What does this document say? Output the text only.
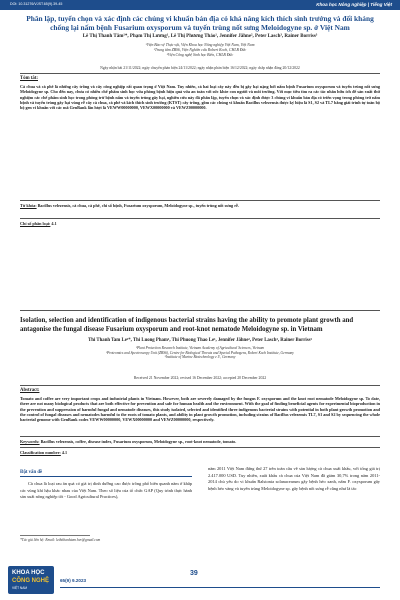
DOI: 10.31276/VJST.65(9).39-45	Khoa học Nông nghiệp | Tiếng Việt
Phân lập, tuyển chọn và xác định các chủng vi khuẩn bản địa có khả năng kích thích sinh trưởng và đối kháng chống lại nấm bệnh Fusarium oxysporum và tuyến trùng nốt sưng Meloidogyne sp. ở Việt Nam
Lê Thị Thanh Tâm¹*, Phạm Thị Lương¹, Lê Thị Phương Thảo¹, Jennifer Jähne², Peter Lasch³, Rainer Borriss³
¹Viện Bảo vệ Thực vật, Viện Khoa học Nông nghiệp Việt Nam, Việt Nam
²Trung tâm ZBS6, Viện Nghiên cứu Robert Koch, CHLB Đức
³Viện Công nghệ Sinh học Biển, CHLB Đức
Ngày nhận bài 21/11/2022; ngày chuyển phản biện 24/11/2022; ngày nhận phản biện 16/12/2022; ngày chấp nhận đăng 20/12/2022
Tóm tắt:
Cà chua và cà phê là những cây trồng và cây công nghiệp rất quan trọng ở Việt Nam. Tuy nhiên, cả hai loại cây này đều bị gây hại nặng bởi nấm bệnh Fusarium oxysporum và tuyến trùng nốt sưng Meloidogyne sp. Cho đến nay, chưa có nhiều chế phẩm sinh học vừa phòng bệnh hiệu quả vừa an toàn với sức khỏe con người và môi trường. Với mục tiêu tìm ra các tác nhân hữu ích để sản xuất thử nghiệm các chế phẩm sinh học trong phòng trừ bệnh nấm và tuyến trùng gây hại, nghiên cứu này đã phân lập, tuyển chọn và xác định được 3 chủng vi khuẩn bản địa có triển vọng trong phòng trừ nấm bệnh và tuyến trùng gây hại vùng rễ cây cà chua, cà phê và kích thích sinh trưởng (KTST) cây trồng, gồm các chủng vi khuẩn Bacillus velezensis được ký hiệu là S1, S2 và TL7 bằng giải trình tự toàn bộ bộ gen vi khuẩn với các mã GenBank lần lượt là VEWW00000000, VEWX00000000 và VEWZ00000000.
Từ khóa: Bacillus velezensis, cà chua, cà phê, chi số bệnh, Fusarium oxysporum, Meloidogyne sp., tuyến trùng nốt sưng rễ.
Chỉ số phân loại: 4.1
Isolation, selection and identification of indigenous bacterial strains having the ability to promote plant growth and antagonise the fungal disease Fusarium oxysporum and root-knot nematode Meloidogyne sp. in Vietnam
Thi Thanh Tam Le¹*, Thi Luong Pham¹, Thi Phuong Thao Le¹, Jennifer Jähne², Peter Lasch³, Rainer Borriss³
¹Plant Protection Research Institute, Vietnam Academy of Agricultural Sciences, Vietnam
²Proteomics and Spectroscopy Unit (ZBS6), Centre for Biological Threats and Special Pathogens, Robert Koch Institute, Germany
³Institute of Marine Biotechnology e.V., Germany
Received 21 November 2022; revised 16 December 2022; accepted 20 December 2022
Abstract:
Tomato and coffee are very important crops and industrial plants in Vietnam. However, both are severely damaged by the fungus F. oxysporum and the knot root nematode Meloidogyne sp. To date, there are not many biological products that are both effective for prevention and safe for human health and the environment. With the goal of finding beneficial agents for experimental bioproduction in the prevention and suppression of harmful fungal and nematode diseases, this study isolated, selected and identified three indigenous bacterial strains with potential in both plant growth promotion and the control of fungal diseases and nematodes harmful to the roots of tomato plants, and ability in plant growth promotion, including strains of Bacillus velezensis TL7, S1 and S2 by sequencing the whole bacterial genome with GenBank codes VEWW00000000, VEWX00000000 and VEWZ00000000, respectively.
Keywords: Bacillus velezensis, coffee, disease index, Fusarium oxysporum, Meloidogyne sp., root-knot nematode, tomato.
Classification number: 4.1
Đặt vấn đề
Cà chua là loại rau ăn quả có giá trị dinh dưỡng cao được trồng phổ biến quanh năm ở khắp các vùng khí hậu khác nhau của Việt Nam. Theo số liệu của tổ chức GAP (Quy trình thực hành sản xuất nông nghiệp tốt - Good Agricultural Practices),
năm 2011 Việt Nam đứng thứ 27 trên toàn cầu về sản lượng cà chua xuất khẩu, với tổng giá trị 2.417.000 USD. Tuy nhiên, xuất khẩu cà chua của Việt Nam đã giảm 30,7% trong năm 2011-2014 chủ yếu do vi khuẩn Ralstonia solanacearum gây bệnh héo xanh, nấm F. oxysporum gây bệnh héo vàng và tuyến trùng Meloidogyne sp. gây bệnh nốt sưng rễ cũng như là tác
*Tác giả liên hệ: Email: lethithanhtam.hvv@gmail.com
KHOA HỌC
CÔNG NGHỆ
VIỆT NAM
65(9) 9.2023
39
